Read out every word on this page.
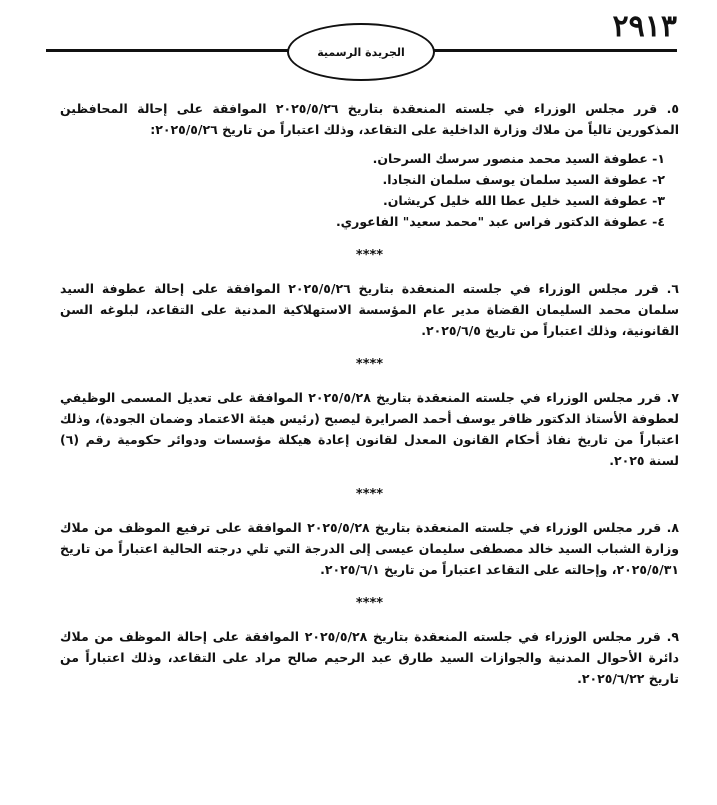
٢٩١٣
الجريدة الرسمية

٥. قرر مجلس الوزراء في جلسته المنعقدة بتاريخ ٢٠٢٥/٥/٢٦ الموافقة على إحالة المحافظين المذكورين تالياً من ملاك وزارة الداخلية على التقاعد، وذلك اعتباراً من تاريخ ٢٠٢٥/٥/٢٦:

١- عطوفة السيد محمد منصور سرسك السرحان.
٢- عطوفة السيد سلمان يوسف سلمان النجادا.
٣- عطوفة السيد خليل عطا الله خليل كريشان.
٤- عطوفة الدكتور فراس عبد "محمد سعيد" الفاعوري.
****

٦. قرر مجلس الوزراء في جلسته المنعقدة بتاريخ ٢٠٢٥/٥/٢٦ الموافقة على إحالة عطوفة السيد سلمان محمد السليمان القضاة مدير عام المؤسسة الاستهلاكية المدنية على التقاعد، لبلوغه السن القانونية، وذلك اعتباراً من تاريخ ٢٠٢٥/٦/٥.

****

٧. قرر مجلس الوزراء في جلسته المنعقدة بتاريخ ٢٠٢٥/٥/٢٨ الموافقة على تعديل المسمى الوظيفي لعطوفة الأستاذ الدكتور ظافر يوسف أحمد الصرايرة ليصبح (رئيس هيئة الاعتماد وضمان الجودة)، وذلك اعتباراً من تاريخ نفاذ أحكام القانون المعدل لقانون إعادة هيكلة مؤسسات ودوائر حكومية رقم (٦) لسنة ٢٠٢٥.

****

٨. قرر مجلس الوزراء في جلسته المنعقدة بتاريخ ٢٠٢٥/٥/٢٨ الموافقة على ترفيع الموظف من ملاك وزارة الشباب السيد خالد مصطفى سليمان عيسى إلى الدرجة التي تلي درجته الحالية اعتباراً من تاريخ ٢٠٢٥/٥/٣١، وإحالته على التقاعد اعتباراً من تاريخ ٢٠٢٥/٦/١.

****

٩. قرر مجلس الوزراء في جلسته المنعقدة بتاريخ ٢٠٢٥/٥/٢٨ الموافقة على إحالة الموظف من ملاك دائرة الأحوال المدنية والجوازات السيد طارق عبد الرحيم صالح مراد على التقاعد، وذلك اعتباراً من تاريخ ٢٠٢٥/٦/٢٢.
